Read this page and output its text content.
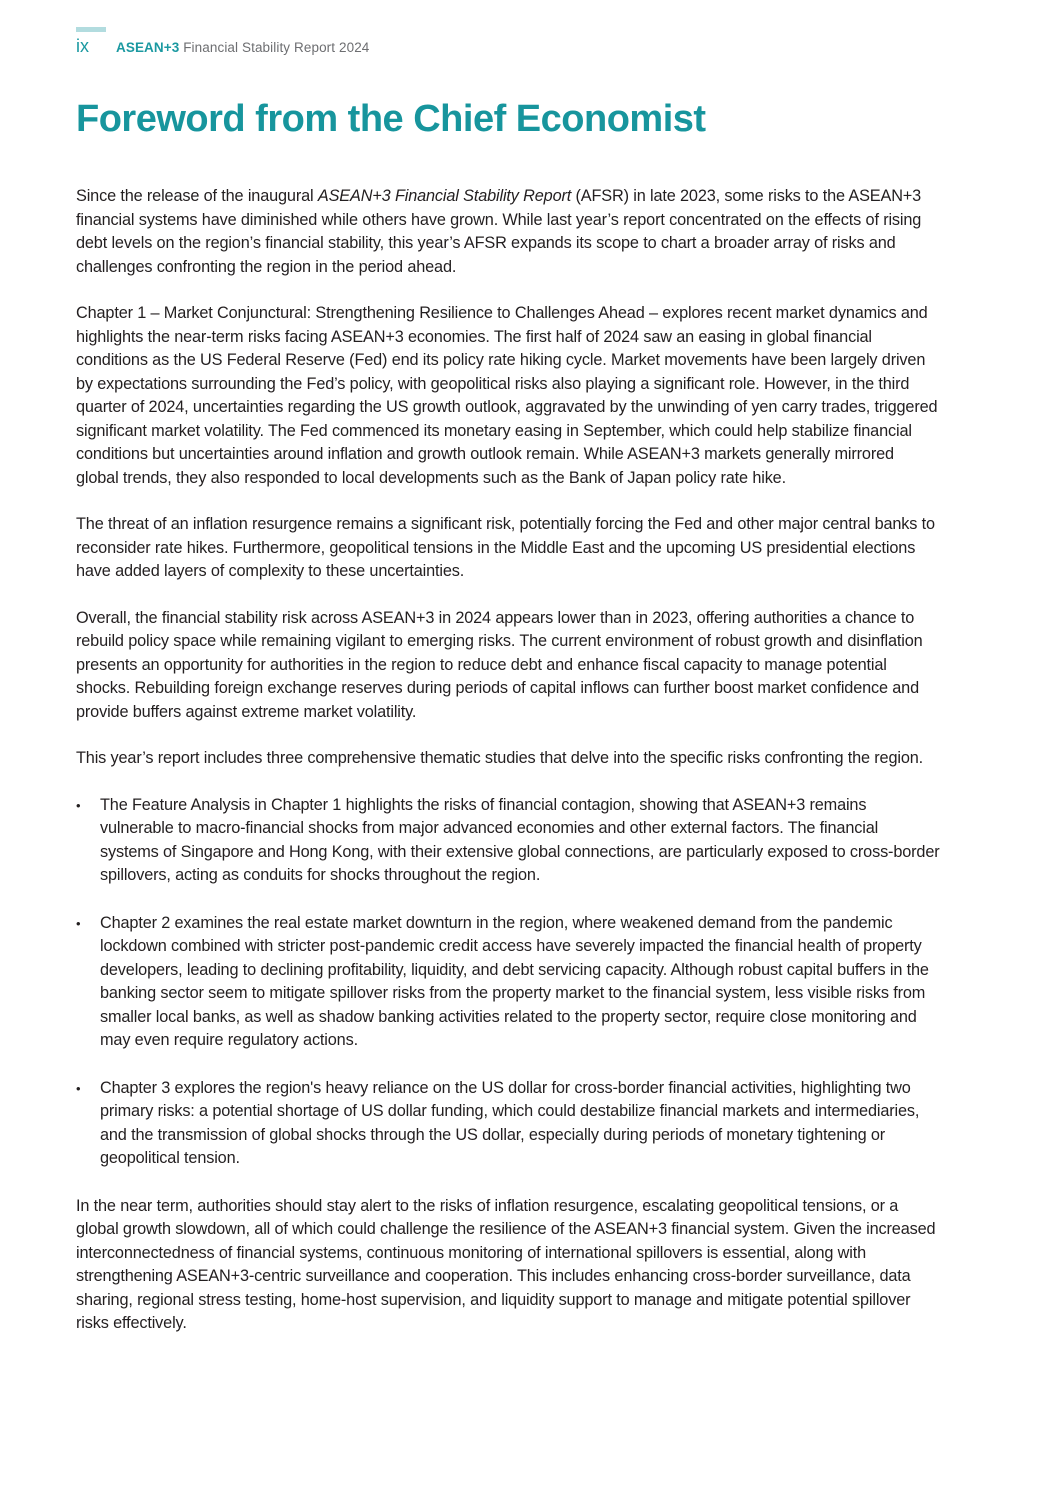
ix ASEAN+3 Financial Stability Report 2024
Foreword from the Chief Economist

Since the release of the inaugural ASEAN+3 Financial Stability Report (AFSR) in late 2023, some risks to the ASEAN+3 financial systems have diminished while others have grown. While last year’s report concentrated on the effects of rising debt levels on the region’s financial stability, this year’s AFSR expands its scope to chart a broader array of risks and challenges confronting the region in the period ahead.

Chapter 1 – Market Conjunctural: Strengthening Resilience to Challenges Ahead – explores recent market dynamics and highlights the near-term risks facing ASEAN+3 economies. The first half of 2024 saw an easing in global financial conditions as the US Federal Reserve (Fed) end its policy rate hiking cycle. Market movements have been largely driven by expectations surrounding the Fed’s policy, with geopolitical risks also playing a significant role. However, in the third quarter of 2024, uncertainties regarding the US growth outlook, aggravated by the unwinding of yen carry trades, triggered significant market volatility. The Fed commenced its monetary easing in September, which could help stabilize financial conditions but uncertainties around inflation and growth outlook remain. While ASEAN+3 markets generally mirrored global trends, they also responded to local developments such as the Bank of Japan policy rate hike.

The threat of an inflation resurgence remains a significant risk, potentially forcing the Fed and other major central banks to reconsider rate hikes. Furthermore, geopolitical tensions in the Middle East and the upcoming US presidential elections have added layers of complexity to these uncertainties.

Overall, the financial stability risk across ASEAN+3 in 2024 appears lower than in 2023, offering authorities a chance to rebuild policy space while remaining vigilant to emerging risks. The current environment of robust growth and disinflation presents an opportunity for authorities in the region to reduce debt and enhance fiscal capacity to manage potential shocks. Rebuilding foreign exchange reserves during periods of capital inflows can further boost market confidence and provide buffers against extreme market volatility.

This year’s report includes three comprehensive thematic studies that delve into the specific risks confronting the region.

•	The Feature Analysis in Chapter 1 highlights the risks of financial contagion, showing that ASEAN+3 remains vulnerable to macro-financial shocks from major advanced economies and other external factors. The financial systems of Singapore and Hong Kong, with their extensive global connections, are particularly exposed to cross-border spillovers, acting as conduits for shocks throughout the region.
•	Chapter 2 examines the real estate market downturn in the region, where weakened demand from the pandemic lockdown combined with stricter post-pandemic credit access have severely impacted the financial health of property developers, leading to declining profitability, liquidity, and debt servicing capacity. Although robust capital buffers in the banking sector seem to mitigate spillover risks from the property market to the financial system, less visible risks from smaller local banks, as well as shadow banking activities related to the property sector, require close monitoring and may even require regulatory actions.
•	Chapter 3 explores the region's heavy reliance on the US dollar for cross-border financial activities, highlighting two primary risks: a potential shortage of US dollar funding, which could destabilize financial markets and intermediaries, and the transmission of global shocks through the US dollar, especially during periods of monetary tightening or geopolitical tension.

In the near term, authorities should stay alert to the risks of inflation resurgence, escalating geopolitical tensions, or a global growth slowdown, all of which could challenge the resilience of the ASEAN+3 financial system. Given the increased interconnectedness of financial systems, continuous monitoring of international spillovers is essential, along with strengthening ASEAN+3-centric surveillance and cooperation. This includes enhancing cross-border surveillance, data sharing, regional stress testing, home-host supervision, and liquidity support to manage and mitigate potential spillover risks effectively.
